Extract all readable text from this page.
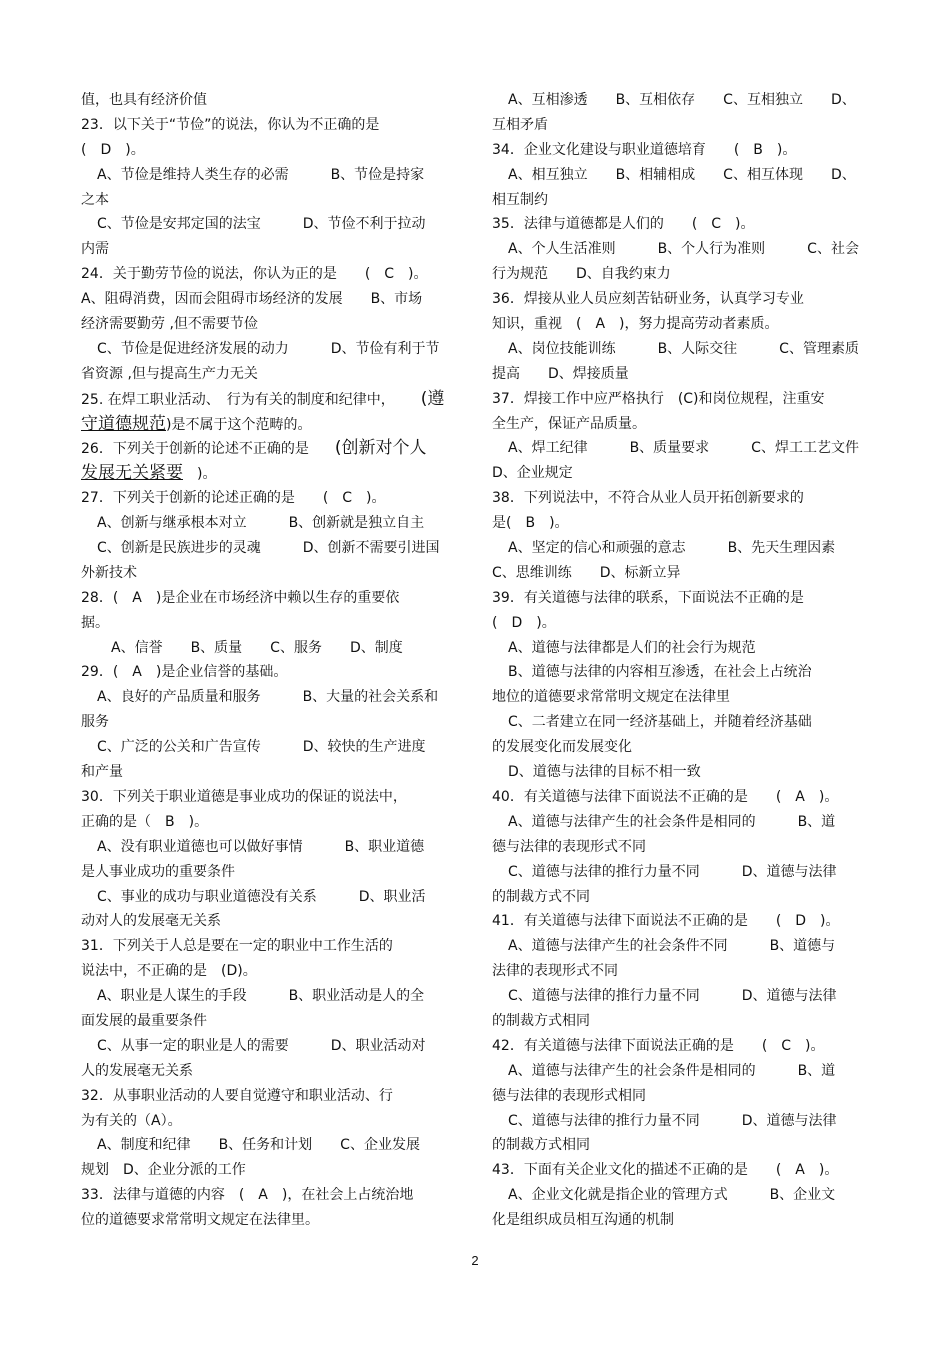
值，也具有经济价值
23．以下关于“节俭”的说法，你认为不正确的是
(　D　)。
A、节俭是维持人类生存的必需　　　B、节俭是持家
之本
C、节俭是安邦定国的法宝　　　D、节俭不利于拉动
内需
24．关于勤劳节俭的说法，你认为正的是　　(　C　)。
A、阻碍消费，因而会阻碍市场经济的发展　　B、市场
经济需要勤劳 ,但不需要节俭
C、节俭是促进经济发展的动力　　　D、节俭有利于节
省资源 ,但与提高生产力无关
25. 在焊工职业活动、　行为有关的制度和纪律中， (遵
守道德规范)是不属于这个范畴的。
26．下列关于创新的论述不正确的是 (创新对个人
发展无关紧要　)。
27．下列关于创新的论述正确的是　　(　C　)。
A、创新与继承根本对立　　　B、创新就是独立自主
C、创新是民族进步的灵魂　　　D、创新不需要引进国
外新技术
28．(　A　)是企业在市场经济中赖以生存的重要依
据。
　A、信誉　　B、质量　　C、服务　　D、制度
29．(　A　)是企业信誉的基础。
A、良好的产品质量和服务　　　B、大量的社会关系和
服务
C、广泛的公关和广告宣传　　　D、较快的生产进度
和产量
30．下列关于职业道德是事业成功的保证的说法中，
正确的是（　B　)。
A、没有职业道德也可以做好事情　　　B、职业道德
是人事业成功的重要条件
C、事业的成功与职业道德没有关系　　　D、职业活
动对人的发展毫无关系
31．下列关于人总是要在一定的职业中工作生活的
说法中，不正确的是　(D)。
A、职业是人谋生的手段　　　B、职业活动是人的全
面发展的最重要条件
C、从事一定的职业是人的需要　　　D、职业活动对
人的发展毫无关系
32．从事职业活动的人要自觉遵守和职业活动、行
为有关的（A）。
A、制度和纪律　　B、任务和计划　　C、企业发展
规划　D、企业分派的工作
33．法律与道德的内容　(　A　)，在社会上占统治地
位的道德要求常常明文规定在法律里。
A、互相渗透　　B、互相依存　　C、互相独立　　D、
互相矛盾
34．企业文化建设与职业道德培育　　(　B　)。
A、相互独立　　B、相辅相成　　C、相互体现　　D、
相互制约
35．法律与道德都是人们的　　(　C　)。
A、个人生活准则　　　B、个人行为准则　　　C、社会
行为规范　　D、自我约束力
36．焊接从业人员应刻苦钻研业务，认真学习专业
知识，重视　(　A　)，努力提高劳动者素质。
A、岗位技能训练　　　B、人际交往　　　C、管理素质
提高　　D、焊接质量
37．焊接工作中应严格执行　(C)和岗位规程，注重安
全生产，保证产品质量。
A、焊工纪律　　　B、质量要求　　　C、焊工工艺文件
D、企业规定
38．下列说法中，不符合从业人员开拓创新要求的
是(　B　)。
A、坚定的信心和顽强的意志　　　B、先天生理因素
C、思维训练　　D、标新立异
39．有关道德与法律的联系，下面说法不正确的是
(　D　)。
A、道德与法律都是人们的社会行为规范
B、道德与法律的内容相互渗透，在社会上占统治
地位的道德要求常常明文规定在法律里
C、二者建立在同一经济基础上，并随着经济基础
的发展变化而发展变化
D、道德与法律的目标不相一致
40．有关道德与法律下面说法不正确的是　　(　A　)。
A、道德与法律产生的社会条件是相同的　　　B、道
德与法律的表现形式不同
C、道德与法律的推行力量不同　　　D、道德与法律
的制裁方式不同
41．有关道德与法律下面说法不正确的是　　(　D　)。
A、道德与法律产生的社会条件不同　　　B、道德与
法律的表现形式不同
C、道德与法律的推行力量不同　　　D、道德与法律
的制裁方式相同
42．有关道德与法律下面说法正确的是　　(　C　)。
A、道德与法律产生的社会条件是相同的　　　B、道
德与法律的表现形式相同
C、道德与法律的推行力量不同　　　D、道德与法律
的制裁方式相同
43．下面有关企业文化的描述不正确的是　　(　A　)。
A、企业文化就是指企业的管理方式　　　B、企业文
化是组织成员相互沟通的机制
2
